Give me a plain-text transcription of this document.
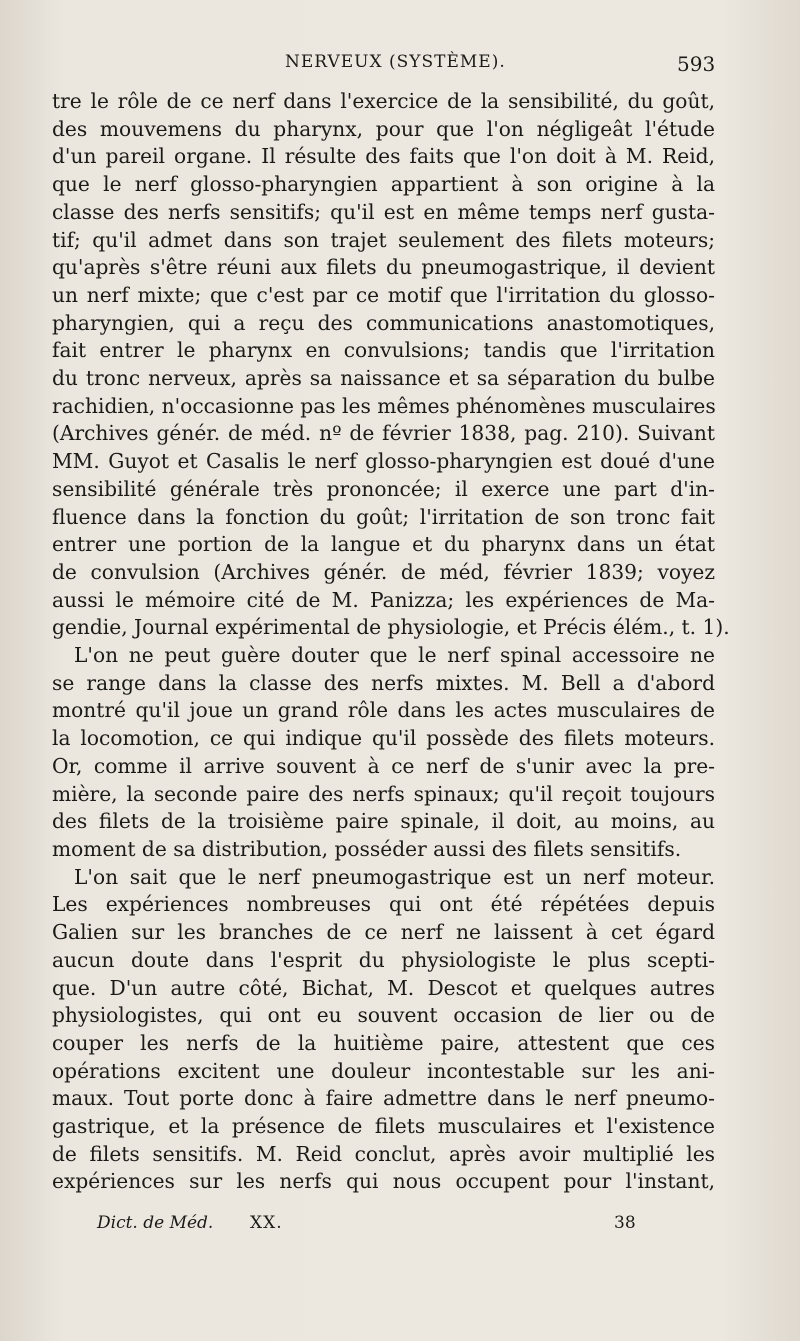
NERVEUX (SYSTÈME).	593
tre le rôle de ce nerf dans l'exercice de la sensibilité, du goût,
des mouvemens du pharynx, pour que l'on négligeât l'étude
d'un pareil organe. Il résulte des faits que l'on doit à M. Reid,
que le nerf glosso-pharyngien appartient à son origine à la
classe des nerfs sensitifs; qu'il est en même temps nerf gusta-
tif; qu'il admet dans son trajet seulement des filets moteurs;
qu'après s'être réuni aux filets du pneumogastrique, il devient
un nerf mixte; que c'est par ce motif que l'irritation du glosso-
pharyngien, qui a reçu des communications anastomotiques,
fait entrer le pharynx en convulsions; tandis que l'irritation
du tronc nerveux, après sa naissance et sa séparation du bulbe
rachidien, n'occasionne pas les mêmes phénomènes musculaires
(Archives génér. de méd. nº de février 1838, pag. 210). Suivant
MM. Guyot et Casalis le nerf glosso-pharyngien est doué d'une
sensibilité générale très prononcée; il exerce une part d'in-
fluence dans la fonction du goût; l'irritation de son tronc fait
entrer une portion de la langue et du pharynx dans un état
de convulsion (Archives génér. de méd, février 1839; voyez
aussi le mémoire cité de M. Panizza; les expériences de Ma-
gendie, Journal expérimental de physiologie, et Précis élém., t. 1).
L'on ne peut guère douter que le nerf spinal accessoire ne
se range dans la classe des nerfs mixtes. M. Bell a d'abord
montré qu'il joue un grand rôle dans les actes musculaires de
la locomotion, ce qui indique qu'il possède des filets moteurs.
Or, comme il arrive souvent à ce nerf de s'unir avec la pre-
mière, la seconde paire des nerfs spinaux; qu'il reçoit toujours
des filets de la troisième paire spinale, il doit, au moins, au
moment de sa distribution, posséder aussi des filets sensitifs.
L'on sait que le nerf pneumogastrique est un nerf moteur.
Les expériences nombreuses qui ont été répétées depuis
Galien sur les branches de ce nerf ne laissent à cet égard
aucun doute dans l'esprit du physiologiste le plus scepti-
que. D'un autre côté, Bichat, M. Descot et quelques autres
physiologistes, qui ont eu souvent occasion de lier ou de
couper les nerfs de la huitième paire, attestent que ces
opérations excitent une douleur incontestable sur les ani-
maux. Tout porte donc à faire admettre dans le nerf pneumo-
gastrique, et la présence de filets musculaires et l'existence
de filets sensitifs. M. Reid conclut, après avoir multiplié les
expériences sur les nerfs qui nous occupent pour l'instant,
Dict. de Méd. XX.	38
